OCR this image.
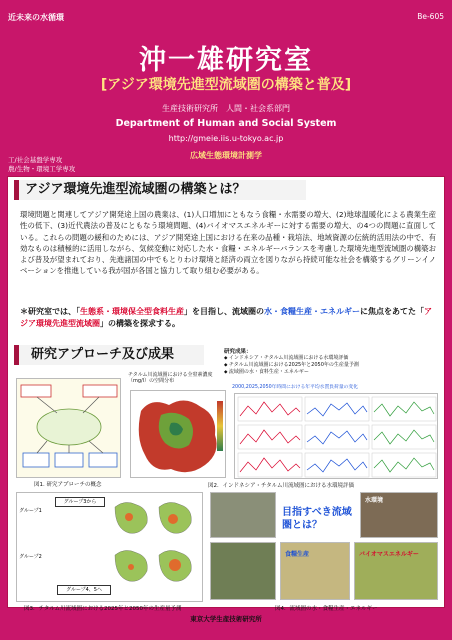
近未来の水循環	Be-605
沖一雄研究室
[アジア環境先進型流域圏の構築と普及]
生産技術研究所　人間・社会系部門
Department of Human and Social System
http://gmeie.iis.u-tokyo.ac.jp
広域生態環境計測学
工/社会基盤学専攻
農/生物・環境工学専攻
アジア環境先進型流域圏の構築とは？
環境問題と関連してアジア開発途上国の農業は、(1)人口増加にともなう食糧・水需要の増大、(2)地球温暖化による農業生産性の低下、(3)近代農法の普及にともなう環境問題、(4)バイオマスエネルギーに対する需要の増大、の4つの問題に直面している。これらの問題の緩和のためには、アジア開発途上国における在来の品種・栽培法、地域資源の伝統的活用法の中で、有効なものは積極的に活用しながら、気候変動に対応した水・食糧・エネルギーバランスを考慮した環境先進型流域圏の構築および普及が望まれており、先進諸国の中でもとりわけ環境と経済の両立を図りながら持続可能な社会を構築するグリーンイノベーションを推進している我が国が各国と協力して取り組む必要がある。
＊研究室では、「生態系・環境保全型食料生産」を目指し、流域圏の水・食糧生産・エネルギーに焦点をあてた「アジア環境先進型流域圏」の構築を探求する。
研究アプローチ及び成果	研究成果：
◆ インドネシア・チタルム川流域圏における水環境評価
◆ チタルム川流域圏における2025年と2050年の生産量予測
◆ 流域圏の水・食料生産・エネルギー
図1. 研究アプローチの概念
チタルム川流域圏における全窒素濃度（mg/l）の空間分布
2000,2025,2050年時間における年平均水質負荷量の変化
図2．インドネシア・チタルム川流域圏における水環境評価
グループ3から
グループ1
グループ2
グループ4、5へ
図3．チタルム川流域圏における2025年と2050年の生産量予測
目指すべき流域圏とは？
水環境
食糧生産	バイオマスエネルギー
図4．流域圏の水・食糧生産・エネルギー
東京大学生産技術研究所
